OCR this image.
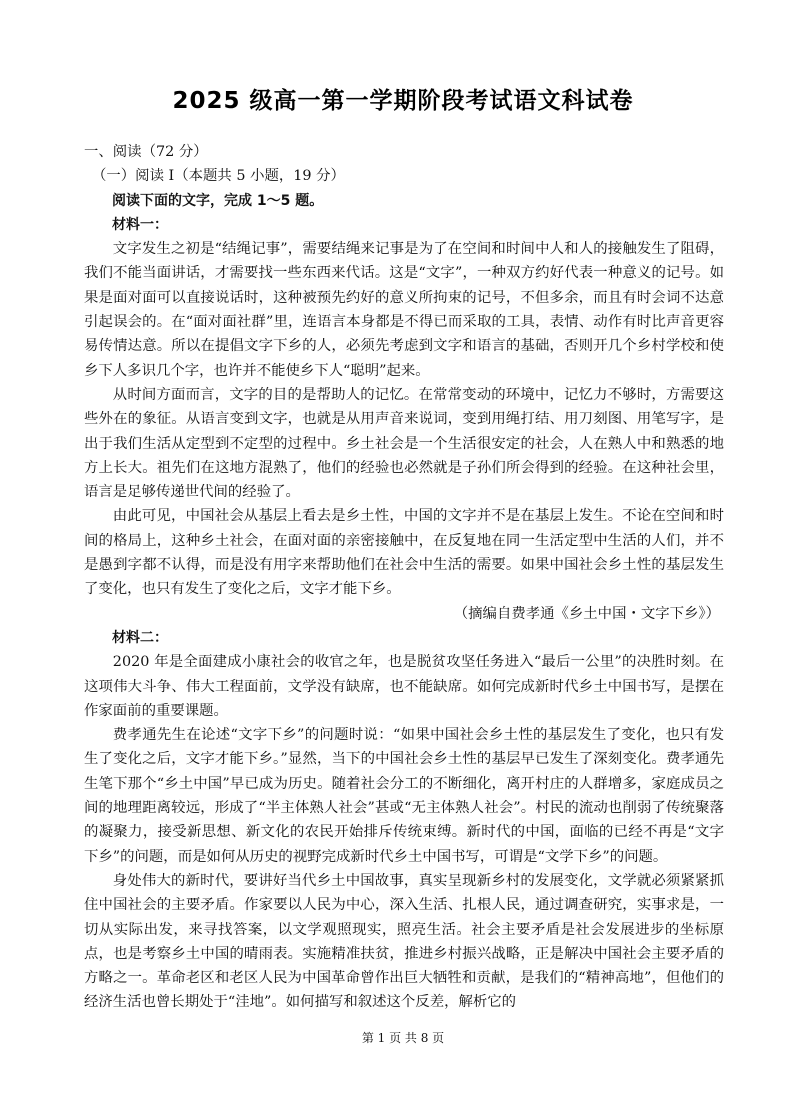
2025 级高一第一学期阶段考试语文科试卷

一、阅读（72 分）

（一）阅读 Ⅰ（本题共 5 小题，19 分）

阅读下面的文字，完成 1～5 题。

材料一：

文字发生之初是“结绳记事”，需要结绳来记事是为了在空间和时间中人和人的接触发生了阻碍，我们不能当面讲话，才需要找一些东西来代话。这是“文字”，一种双方约好代表一种意义的记号。如果是面对面可以直接说话时，这种被预先约好的意义所拘束的记号，不但多余，而且有时会词不达意引起误会的。在“面对面社群”里，连语言本身都是不得已而采取的工具，表情、动作有时比声音更容易传情达意。所以在提倡文字下乡的人，必须先考虑到文字和语言的基础，否则开几个乡村学校和使乡下人多识几个字，也许并不能使乡下人“聪明”起来。

从时间方面而言，文字的目的是帮助人的记忆。在常常变动的环境中，记忆力不够时，方需要这些外在的象征。从语言变到文字，也就是从用声音来说词，变到用绳打结、用刀刻图、用笔写字，是出于我们生活从定型到不定型的过程中。乡土社会是一个生活很安定的社会，人在熟人中和熟悉的地方上长大。祖先们在这地方混熟了，他们的经验也必然就是子孙们所会得到的经验。在这种社会里，语言是足够传递世代间的经验了。

由此可见，中国社会从基层上看去是乡土性，中国的文字并不是在基层上发生。不论在空间和时间的格局上，这种乡土社会，在面对面的亲密接触中，在反复地在同一生活定型中生活的人们，并不是愚到字都不认得，而是没有用字来帮助他们在社会中生活的需要。如果中国社会乡土性的基层发生了变化，也只有发生了变化之后，文字才能下乡。

（摘编自费孝通《乡土中国・文字下乡》）

材料二：

2020 年是全面建成小康社会的收官之年，也是脱贫攻坚任务进入“最后一公里”的决胜时刻。在这项伟大斗争、伟大工程面前，文学没有缺席，也不能缺席。如何完成新时代乡土中国书写，是摆在作家面前的重要课题。

费孝通先生在论述“文字下乡”的问题时说：“如果中国社会乡土性的基层发生了变化，也只有发生了变化之后，文字才能下乡。”显然，当下的中国社会乡土性的基层早已发生了深刻变化。费孝通先生笔下那个“乡土中国”早已成为历史。随着社会分工的不断细化，离开村庄的人群增多，家庭成员之间的地理距离较远，形成了“半主体熟人社会”甚或“无主体熟人社会”。村民的流动也削弱了传统聚落的凝聚力，接受新思想、新文化的农民开始排斥传统束缚。新时代的中国，面临的已经不再是“文字下乡”的问题，而是如何从历史的视野完成新时代乡土中国书写，可谓是“文学下乡”的问题。

身处伟大的新时代，要讲好当代乡土中国故事，真实呈现新乡村的发展变化，文学就必须紧紧抓住中国社会的主要矛盾。作家要以人民为中心，深入生活、扎根人民，通过调查研究，实事求是，一切从实际出发，来寻找答案，以文学观照现实，照亮生活。社会主要矛盾是社会发展进步的坐标原点，也是考察乡土中国的晴雨表。实施精准扶贫，推进乡村振兴战略，正是解决中国社会主要矛盾的方略之一。革命老区和老区人民为中国革命曾作出巨大牺牲和贡献，是我们的“精神高地”，但他们的经济生活也曾长期处于“洼地”。如何描写和叙述这个反差，解析它的

第 1 页 共 8 页
